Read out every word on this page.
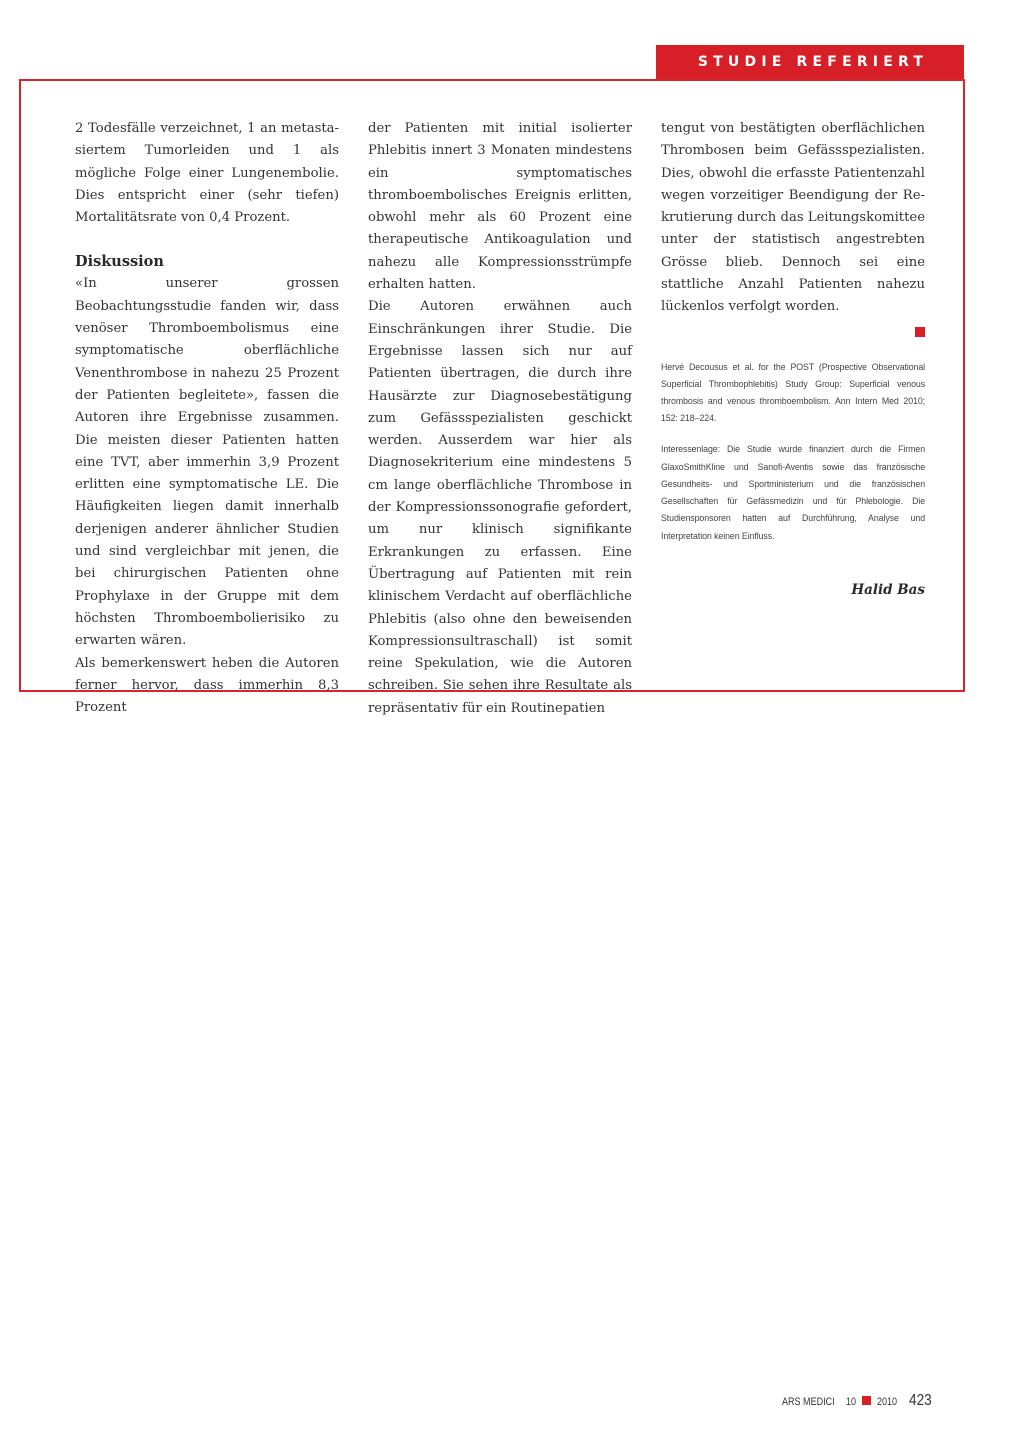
STUDIE REFERIERT

2 Todesfälle verzeichnet, 1 an metastasiertem Tumorleiden und 1 als mögliche Folge einer Lungenembolie. Dies entspricht einer (sehr tiefen) Mortalitätsrate von 0,4 Prozent.

Diskussion

«In unserer grossen Beobachtungsstudie fanden wir, dass venöser Thromboembolismus eine symptomatische oberflächliche Venenthrombose in nahezu 25 Prozent der Patienten begleitete», fassen die Autoren ihre Ergebnisse zusammen. Die meisten dieser Patienten hatten eine TVT, aber immerhin 3,9 Prozent erlitten eine symptomatische LE. Die Häufigkeiten liegen damit innerhalb derjenigen anderer ähnlicher Studien und sind vergleichbar mit jenen, die bei chirurgischen Patienten ohne Prophylaxe in der Gruppe mit dem höchsten Thromboembolierisiko zu erwarten wären.

Als bemerkenswert heben die Autoren ferner hervor, dass immerhin 8,3 Prozent

der Patienten mit initial isolierter Phlebitis innert 3 Monaten mindestens ein symptomatisches thromboembolisches Ereignis erlitten, obwohl mehr als 60 Prozent eine therapeutische Antikoagulation und nahezu alle Kompressionsstrümpfe erhalten hatten.

Die Autoren erwähnen auch Einschränkungen ihrer Studie. Die Ergebnisse lassen sich nur auf Patienten übertragen, die durch ihre Hausärzte zur Diagnosebestätigung zum Gefässspezialisten geschickt werden. Ausserdem war hier als Diagnosekriterium eine mindestens 5 cm lange oberflächliche Thrombose in der Kompressionssonografie gefordert, um nur klinisch signifikante Erkrankungen zu erfassen. Eine Übertragung auf Patienten mit rein klinischem Verdacht auf oberflächliche Phlebitis (also ohne den beweisenden Kompressionsultraschall) ist somit reine Spekulation, wie die Autoren schreiben. Sie sehen ihre Resultate als repräsentativ für ein Routinepatien

tengut von bestätigten oberflächlichen Thrombosen beim Gefässspezialisten. Dies, obwohl die erfasste Patientenzahl wegen vorzeitiger Beendigung der Rekrutierung durch das Leitungskomittee unter der statistisch angestrebten Grösse blieb. Dennoch sei eine stattliche Anzahl Patienten nahezu lückenlos verfolgt worden.

Hervé Decousus et al. for the POST (Prospective Observational Superficial Thrombophlebitis) Study Group: Superficial venous thrombosis and venous thromboembolism. Ann Intern Med 2010; 152: 218–224.

Interessenlage: Die Studie wurde finanziert durch die Firmen GlaxoSmithKline und Sanofi-Aventis sowie das französische Gesundheits- und Sportministerium und die französischen Gesellschaften für Gefässmedizin und für Phlebologie. Die Studiensponsoren hatten auf Durchführung, Analyse und Interpretation keinen Einfluss.

Halid Bas

ARS MEDICI 10 2010 423
